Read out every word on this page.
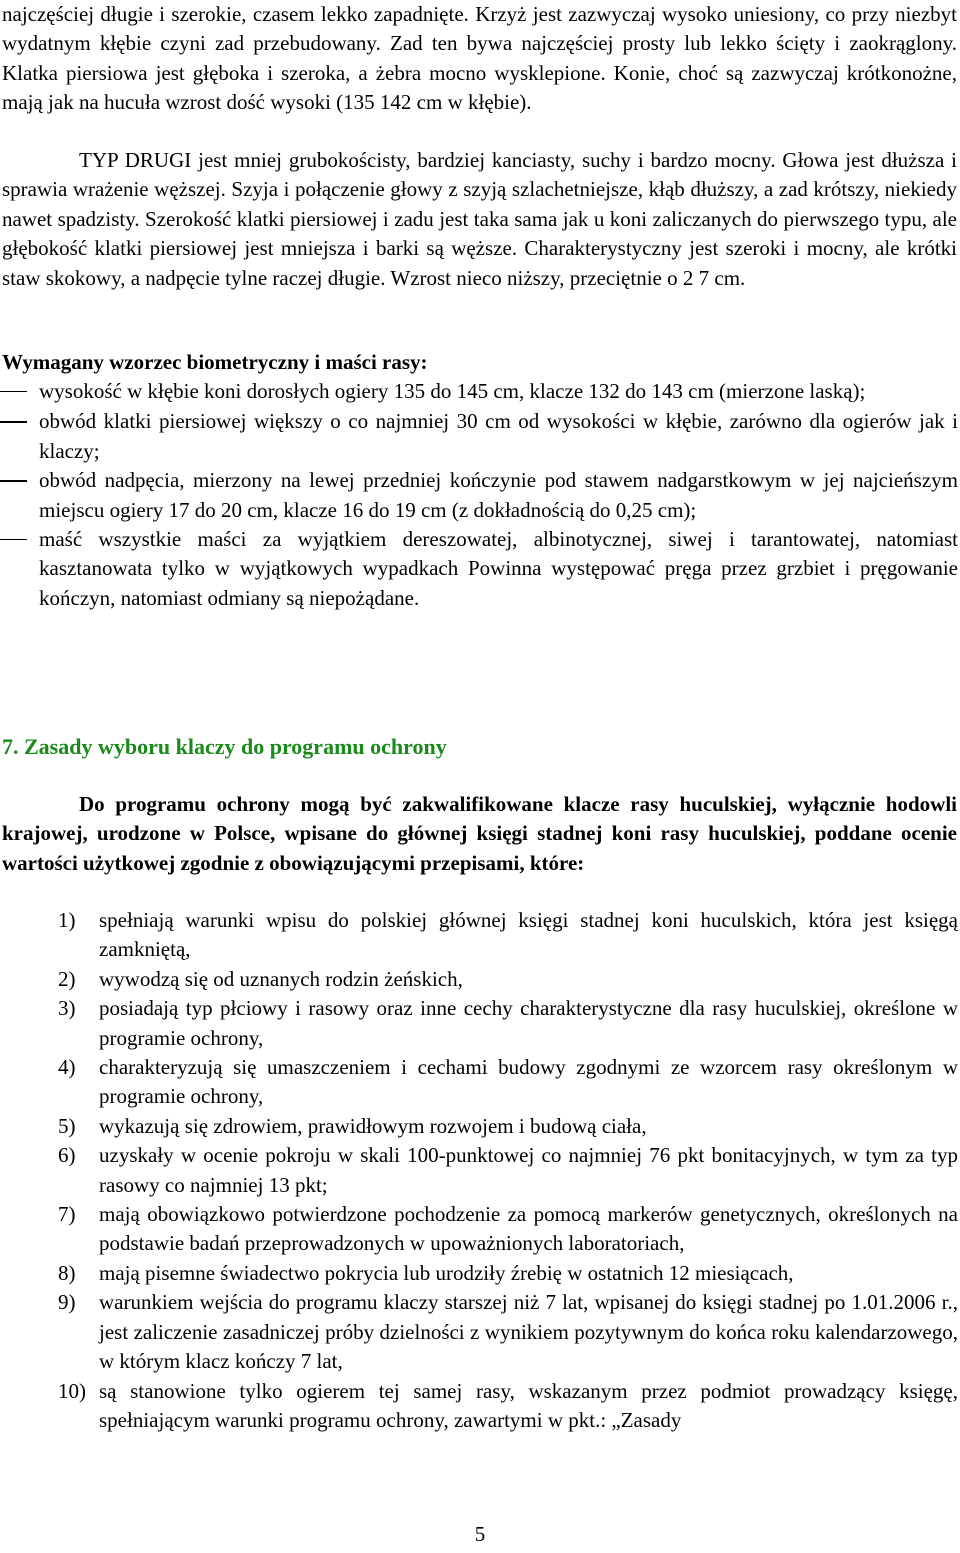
najczęściej długie i szerokie, czasem lekko zapadnięte. Krzyż jest zazwyczaj wysoko uniesiony, co przy niezbyt wydatnym kłębie czyni zad przebudowany. Zad ten bywa najczęściej prosty lub lekko ścięty i zaokrąglony. Klatka piersiowa jest głęboka i szeroka, a żebra mocno wysklepione. Konie, choć są zazwyczaj krótkonożne, mają jak na hucuła wzrost dość wysoki (135 142 cm w kłębie).

TYP DRUGI jest mniej grubokościsty, bardziej kanciasty, suchy i bardzo mocny. Głowa jest dłuższa i sprawia wrażenie węższej. Szyja i połączenie głowy z szyją szlachetniejsze, kłąb dłuższy, a zad krótszy, niekiedy nawet spadzisty. Szerokość klatki piersiowej i zadu jest taka sama jak u koni zaliczanych do pierwszego typu, ale głębokość klatki piersiowej jest mniejsza i barki są węższe. Charakterystyczny jest szeroki i mocny, ale krótki staw skokowy, a nadpęcie tylne raczej długie. Wzrost nieco niższy, przeciętnie o 2 7 cm.

Wymagany wzorzec biometryczny i maści rasy:
wysokość w kłębie koni dorosłych ogiery 135 do 145 cm, klacze 132 do 143 cm (mierzone laską);
obwód klatki piersiowej większy o co najmniej 30 cm od wysokości w kłębie, zarówno dla ogierów jak i klaczy;
obwód nadpęcia, mierzony na lewej przedniej kończynie pod stawem nadgarstkowym w jej najcieńszym miejscu ogiery 17 do 20 cm, klacze 16 do 19 cm (z dokładnością do 0,25 cm);
maść wszystkie maści za wyjątkiem dereszowatej, albinotycznej, siwej i tarantowatej, natomiast kasztanowata tylko w wyjątkowych wypadkach Powinna występować pręga przez grzbiet i pręgowanie kończyn, natomiast odmiany są niepożądane.
7. Zasady wyboru klaczy do programu ochrony

Do programu ochrony mogą być zakwalifikowane klacze rasy huculskiej, wyłącznie hodowli krajowej, urodzone w Polsce, wpisane do głównej księgi stadnej koni rasy huculskiej, poddane ocenie wartości użytkowej zgodnie z obowiązującymi przepisami, które:

1) spełniają warunki wpisu do polskiej głównej księgi stadnej koni huculskich, która jest księgą zamkniętą,
2) wywodzą się od uznanych rodzin żeńskich,
3) posiadają typ płciowy i rasowy oraz inne cechy charakterystyczne dla rasy huculskiej, określone w programie ochrony,
4) charakteryzują się umaszczeniem i cechami budowy zgodnymi ze wzorcem rasy określonym w programie ochrony,
5) wykazują się zdrowiem, prawidłowym rozwojem i budową ciała,
6) uzyskały w ocenie pokroju w skali 100-punktowej co najmniej 76 pkt bonitacyjnych, w tym za typ rasowy co najmniej 13 pkt;
7) mają obowiązkowo potwierdzone pochodzenie za pomocą markerów genetycznych, określonych na podstawie badań przeprowadzonych w upoważnionych laboratoriach,
8) mają pisemne świadectwo pokrycia lub urodziły źrebię w ostatnich 12 miesiącach,
9) warunkiem wejścia do programu klaczy starszej niż 7 lat, wpisanej do księgi stadnej po 1.01.2006 r., jest zaliczenie zasadniczej próby dzielności z wynikiem pozytywnym do końca roku kalendarzowego, w którym klacz kończy 7 lat,
10) są stanowione tylko ogierem tej samej rasy, wskazanym przez podmiot prowadzący księgę, spełniającym warunki programu ochrony, zawartymi w pkt.: „Zasady
5
